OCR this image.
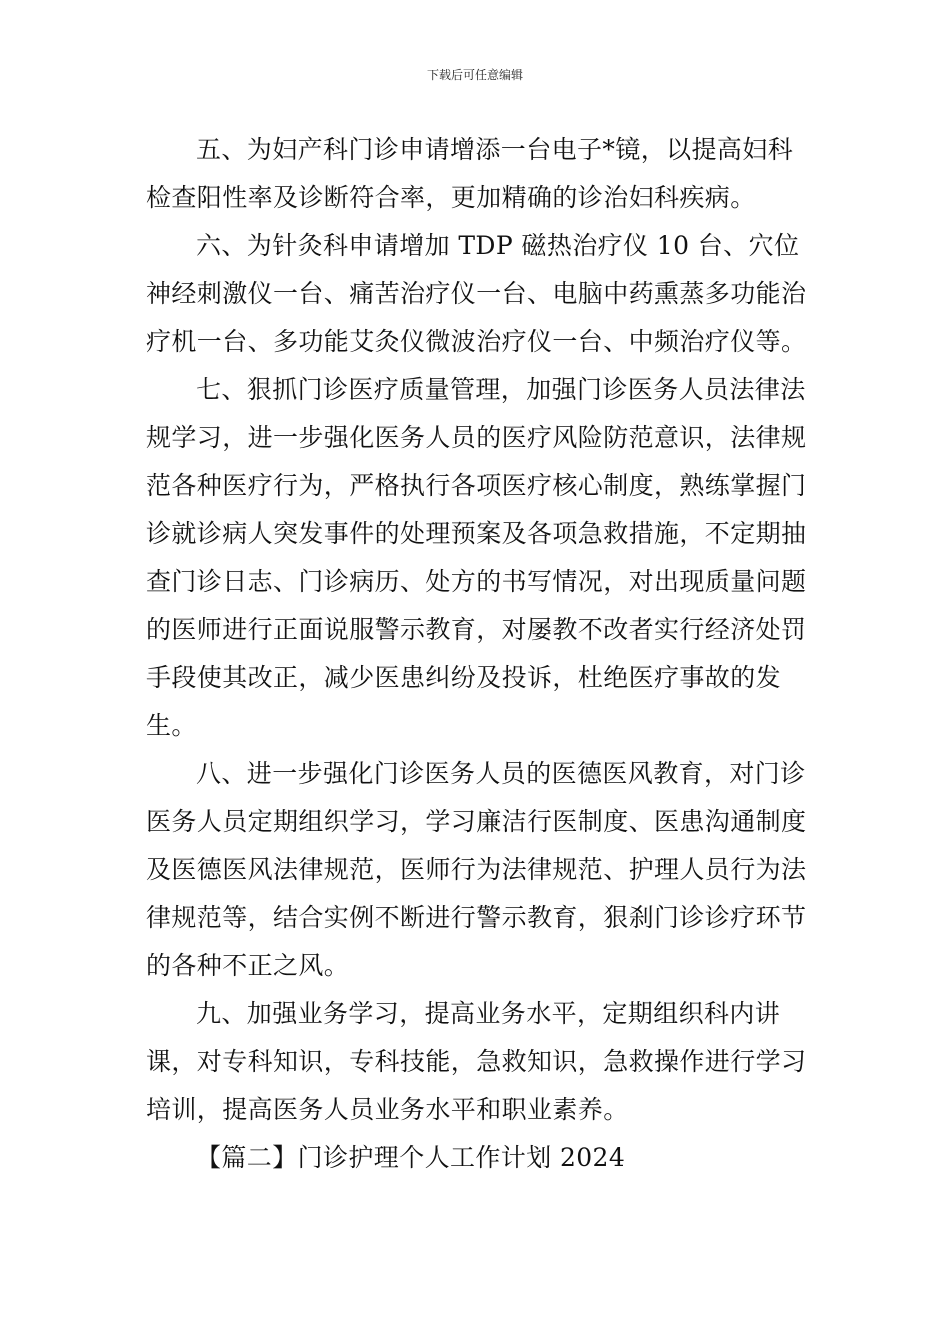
下载后可任意编辑

五、为妇产科门诊申请增添一台电子*镜，以提高妇科检查阳性率及诊断符合率，更加精确的诊治妇科疾病。

六、为针灸科申请增加 TDP 磁热治疗仪 10 台、穴位神经刺激仪一台、痛苦治疗仪一台、电脑中药熏蒸多功能治疗机一台、多功能艾灸仪微波治疗仪一台、中频治疗仪等。

七、狠抓门诊医疗质量管理，加强门诊医务人员法律法规学习，进一步强化医务人员的医疗风险防范意识，法律规范各种医疗行为，严格执行各项医疗核心制度，熟练掌握门诊就诊病人突发事件的处理预案及各项急救措施，不定期抽查门诊日志、门诊病历、处方的书写情况，对出现质量问题的医师进行正面说服警示教育，对屡教不改者实行经济处罚手段使其改正，减少医患纠纷及投诉，杜绝医疗事故的发生。

八、进一步强化门诊医务人员的医德医风教育，对门诊医务人员定期组织学习，学习廉洁行医制度、医患沟通制度及医德医风法律规范，医师行为法律规范、护理人员行为法律规范等，结合实例不断进行警示教育，狠刹门诊诊疗环节的各种不正之风。

九、加强业务学习，提高业务水平，定期组织科内讲课，对专科知识，专科技能，急救知识，急救操作进行学习培训，提高医务人员业务水平和职业素养。

【篇二】门诊护理个人工作计划 2024
